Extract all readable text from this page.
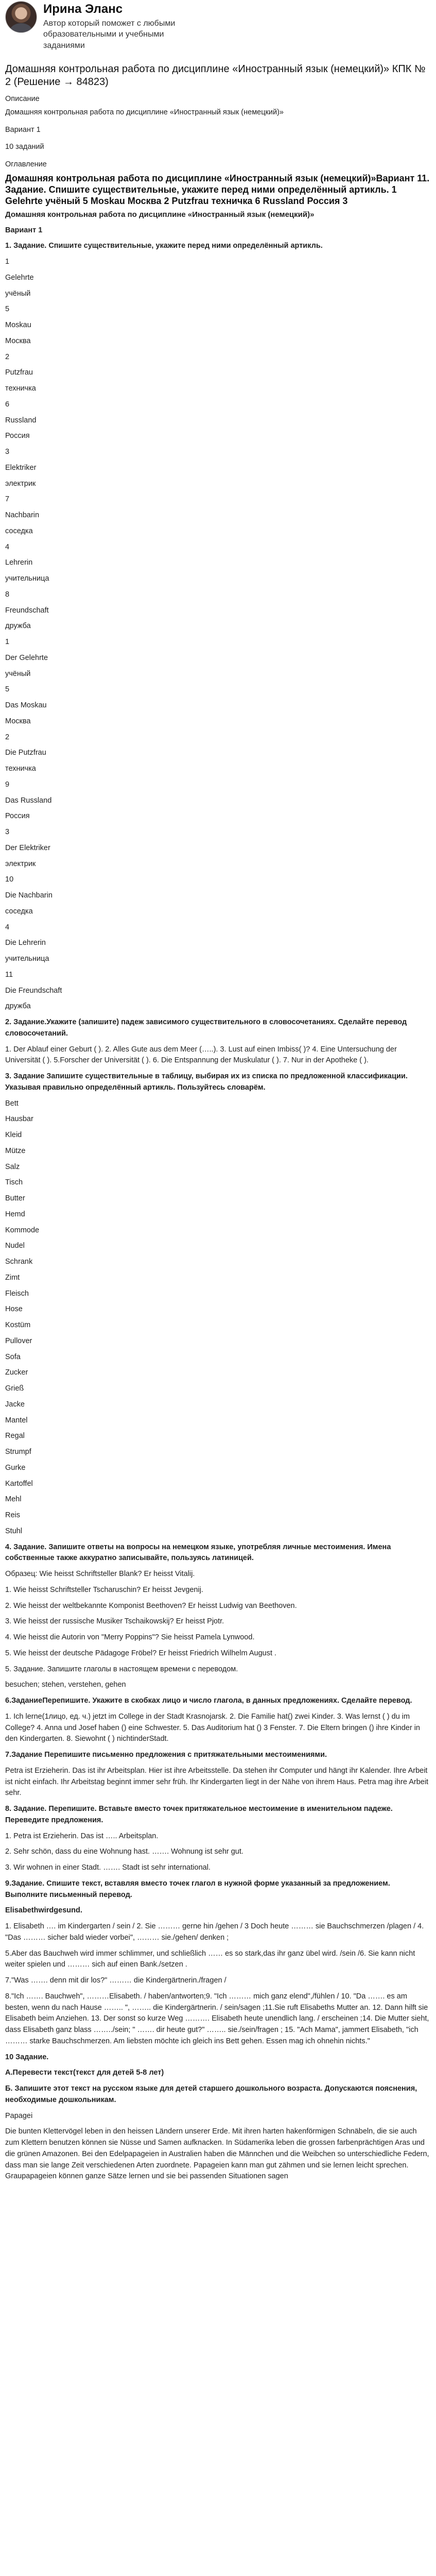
Ирина Эланс
Автор который поможет с любыми образовательными и учебными заданиями
Домашняя контрольная работа по дисциплине «Иностранный язык (немецкий)» КПК № 2 (Решение → 84823)
Описание
Домашняя контрольная работа по дисциплине «Иностранный язык (немецкий)»
Вариант 1
10 заданий
Оглавление
Домашняя контрольная работа по дисциплине «Иностранный язык (немецкий)»Вариант 11. Задание. Спишите существительные, укажите перед ними определённый артикль. 1 Gelehrte учёный 5 Moskau Москва 2 Putzfrau техничка 6 Russland Россия 3
Домашняя контрольная работа по дисциплине «Иностранный язык (немецкий)»
Вариант 1
1. Задание. Спишите существительные, укажите перед ними определённый артикль.
1
Gelehrte
учёный
5
Moskau
Москва
2
Putzfrau
техничка
6
Russland
Россия
3
Elektriker
электрик
7
Nachbarin
соседка
4
Lehrerin
учительница
8
Freundschaft
дружба
1
Der Gelehrte
учёный
5
Das Moskau
Москва
2
Die Putzfrau
техничка
9
Das Russland
Россия
3
Der Elektriker
электрик
10
Die Nachbarin
соседка
4
Die Lehrerin
учительница
11
Die Freundschaft
дружба
2. Задание.Укажите (запишите) падеж зависимого существительного в словосочетаниях. Сделайте перевод словосочетаний.
1. Der Ablauf einer Geburt ( ). 2. Alles Gute aus dem Meer (…..). 3. Lust auf einen Imbiss( )? 4. Eine Untersuchung der Universität ( ). 5.Forscher der Universität ( ). 6. Die Entspannung der Muskulatur ( ). 7. Nur in der Apotheke ( ).
3. Задание Запишите существительные в таблицу, выбирая их из списка по предложенной классификации. Указывая правильно определённый артикль. Пользуйтесь словарём.
Bett
Hausbar
Kleid
Mütze
Salz
Tisch
Butter
Hemd
Kommode
Nudel
Schrank
Zimt
Fleisch
Hose
Kostüm
Pullover
Sofa
Zucker
Grieß
Jacke
Mantel
Regal
Strumpf
Gurke
Kartoffel
Mehl
Reis
Stuhl
4. Задание. Запишите ответы на вопросы на немецком языке, употребляя личные местоимения. Имена собственные также аккуратно записывайте, пользуясь латиницей.
Образец: Wie heisst Schriftsteller Blank? Er heisst Vitalij.
1. Wie heisst Schriftsteller Tscharuschin? Er heisst Jevgenij.
2. Wie heisst der weltbekannte Komponist Beethoven? Er heisst Ludwig van Beethoven.
3. Wie heisst der russische Musiker Tschaikowskij? Er heisst Pjotr.
4. Wie heisst die Autorin von "Merry Poppins"? Sie heisst Pamela Lynwood.
5. Wie heisst der deutsche Pädagoge Fröbel? Er heisst Friedrich Wilhelm August .
5. Задание. Запишите глаголы в настоящем времени с переводом.
besuchen; stehen, verstehen, gehen
6.ЗаданиеПерепишите. Укажите в скобках лицо и число глагола, в данных предложениях. Сделайте перевод.
1. Ich lerne(1лицо, ед. ч.) jetzt im College in der Stadt Krasnojarsk. 2. Die Familie hat() zwei Kinder. 3. Was lernst ( ) du im College? 4. Anna und Josef haben () eine Schwester. 5. Das Auditorium hat () 3 Fenster. 7. Die Eltern bringen () ihre Kinder in den Kindergarten. 8. Siewohnt ( ) nichtinderStadt.
7.Задание Перепишите письменно предложения с притяжательными местоимениями.
Petra ist Erzieherin. Das ist ihr Arbeitsplan. Hier ist ihre Arbeitsstelle. Da stehen ihr Computer und hängt ihr Kalender. Ihre Arbeit ist nicht einfach. Ihr Arbeitstag beginnt immer sehr früh. Ihr Kindergarten liegt in der Nähe von ihrem Haus. Petra mag ihre Arbeit sehr.
8. Задание. Перепишите. Вставьте вместо точек притяжательное местоимение в именительном падеже. Переведите предложения.
1. Petra ist Erzieherin. Das ist ….. Arbeitsplan.
2. Sehr schön, dass du eine Wohnung hast. ……. Wohnung ist sehr gut.
3. Wir wohnen in einer Stadt. ……. Stadt ist sehr international.
9.Задание. Спишите текст, вставляя вместо точек глагол в нужной форме указанный за предложением. Выполните письменный перевод.
Elisabethwirdgesund.
1. Elisabeth …. im Kindergarten / sein / 2. Sie ……… gerne hin /gehen / 3 Doch heute ……… sie Bauchschmerzen /plagen / 4. "Das ……… sicher bald wieder vorbei", ……… sie./gehen/ denken ;
5.Aber das Bauchweh wird immer schlimmer, und schließlich …… es so stark,das ihr ganz übel wird. /sein /6. Sie kann nicht weiter spielen und ……… sich auf einen Bank./setzen .
7."Was ……. denn mit dir los?" ……… die Kindergärtnerin./fragen /
8."Ich ……. Bauchweh", ………Elisabeth. / haben/antworten;9. "Ich ……… mich ganz elend",/fühlen / 10. "Da ……. es am besten, wenn du nach Hause …….. ", …….. die Kindergärtnerin. / sein/sagen ;11.Sie ruft Elisabeths Mutter an. 12. Dann hilft sie Elisabeth beim Anziehen. 13. Der sonst so kurze Weg ………. Elisabeth heute unendlich lang. / erscheinen ;14. Die Mutter sieht, dass Elisabeth ganz blass ……../sein; " ……. dir heute gut?" …….. sie./sein/fragen ; 15. "Ach Mama", jammert Elisabeth, "ich ……… starke Bauchschmerzen. Am liebsten möchte ich gleich ins Bett gehen. Essen mag ich ohnehin nichts."
10 Задание.
А.Перевести текст(текст для детей 5-8 лет)
Б. Запишите этот текст на русском языке для детей старшего дошкольного возраста. Допускаются пояснения, необходимые дошкольникам.
Papagei
Die bunten Klettervögel leben in den heissen Ländern unserer Erde. Mit ihren harten hakenförmigen Schnäbeln, die sie auch zum Klettern benutzen können sie Nüsse und Samen aufknacken. In Südamerika leben die grossen farbenprächtigen Aras und die grünen Amazonen. Bei den Edelpapageien in Australien haben die Männchen und die Weibchen so unterschiedliche Federn, dass man sie lange Zeit verschiedenen Arten zuordnete. Papageien kann man gut zähmen und sie lernen leicht sprechen. Graupapageien können ganze Sätze lernen und sie bei passenden Situationen sagen
